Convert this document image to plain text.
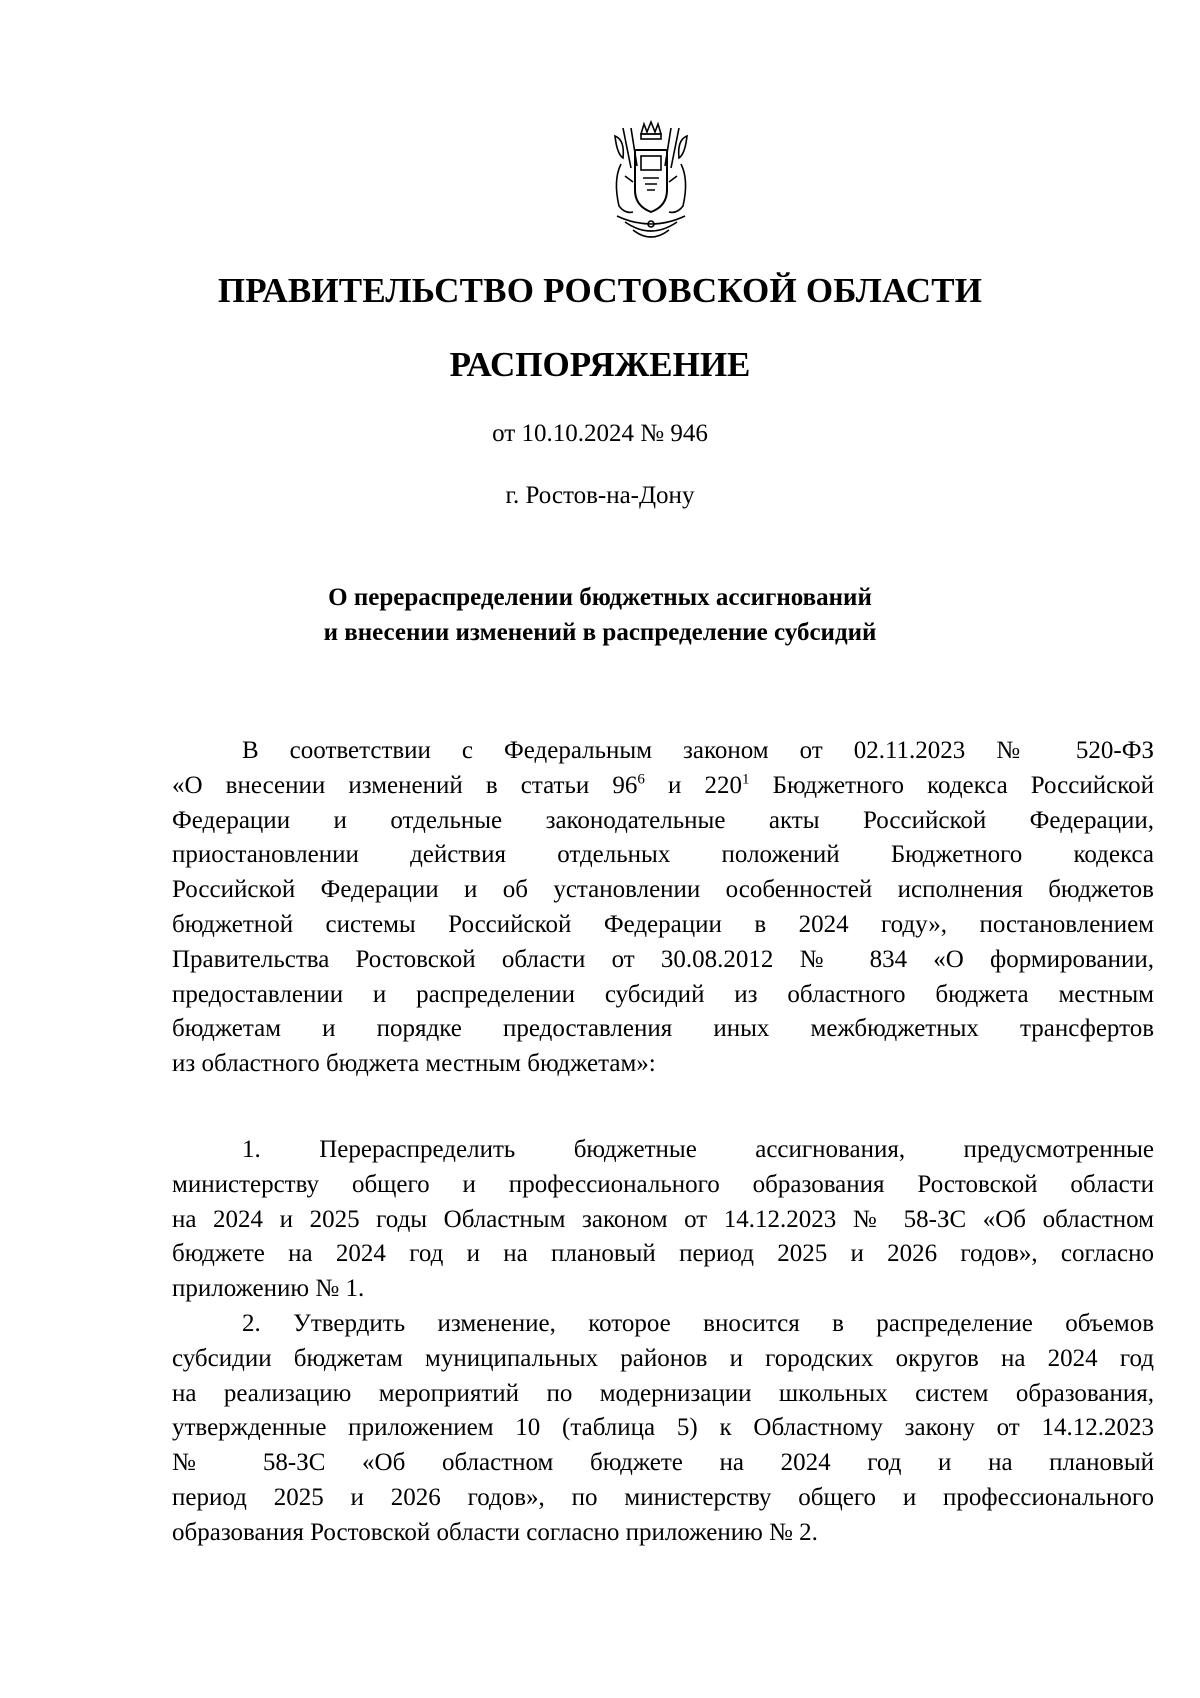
ПРАВИТЕЛЬСТВО РОСТОВСКОЙ ОБЛАСТИ
РАСПОРЯЖЕНИЕ
от 10.10.2024 № 946
г. Ростов-на-Дону
О перераспределении бюджетных ассигнований
и внесении изменений в распределение субсидий
В соответствии с Федеральным законом от 02.11.2023 № 520-ФЗ
«О внесении изменений в статьи $96^6$ и $220^1$ Бюджетного кодекса Российской
Федерации и отдельные законодательные акты Российской Федерации,
приостановлении действия отдельных положений Бюджетного кодекса
Российской Федерации и об установлении особенностей исполнения бюджетов
бюджетной системы Российской Федерации в 2024 году», постановлением
Правительства Ростовской области от 30.08.2012 № 834 «О формировании,
предоставлении и распределении субсидий из областного бюджета местным
бюджетам и порядке предоставления иных межбюджетных трансфертов
из областного бюджета местным бюджетам»:
1. Перераспределить бюджетные ассигнования, предусмотренные
министерству общего и профессионального образования Ростовской области
на 2024 и 2025 годы Областным законом от 14.12.2023 № 58-ЗС «Об областном
бюджете на 2024 год и на плановый период 2025 и 2026 годов», согласно
приложению № 1.
2. Утвердить изменение, которое вносится в распределение объемов
субсидии бюджетам муниципальных районов и городских округов на 2024 год
на реализацию мероприятий по модернизации школьных систем образования,
утвержденные приложением 10 (таблица 5) к Областному закону от 14.12.2023
№ 58-ЗС «Об областном бюджете на 2024 год и на плановый
период 2025 и 2026 годов», по министерству общего и профессионального
образования Ростовской области согласно приложению № 2.
